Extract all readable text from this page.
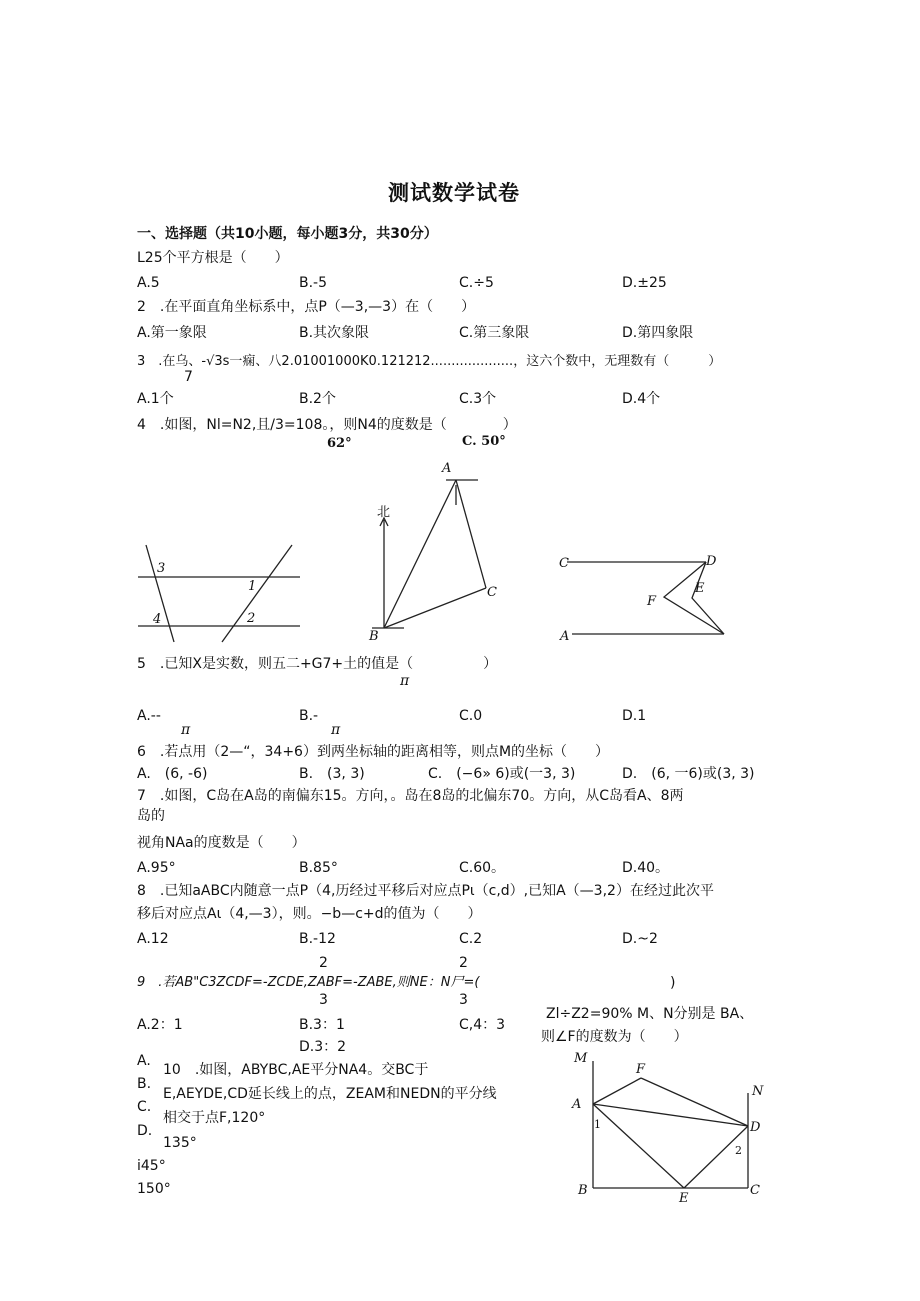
测试数学试卷
一、选择题（共10小题，每小题3分，共30分）
L25个平方根是（　　）
A.5	B.-5	C.÷5	D.±25
2　.在平面直角坐标系中，点P（—3,—3）在（　　）
A.第一象限	B.其次象限	C.第三象限	D.第四象限
3　.在乌、-√3s一痫、八2.01001000K0.121212....................，这六个数中，无理数有（　　　）
7
A.1个	B.2个	C.3个	D.4个
4　.如图，Nl=N2,且/3=108。，则N4的度数是（　　　　）
62°	C. 50°
3
1
4	2
北
A
B
C
C	D
E
F
A
5　.已知X是实数，则五二+G7+土的值是（　　　　　）
π
A.--
π
B.-
π
C.0	D.1
6　.若点用（2—“，34+6）到两坐标轴的距离相等，则点M的坐标（　　）
A.　(6, -6)	B.　(3, 3)	C.　(−6» 6)或(一3, 3)	D.　(6, 一6)或(3, 3)
7　.如图，C岛在A岛的南偏东15。方向，。岛在8岛的北偏东70。方向，从C岛看A、8两
岛的
视角NAa的度数是（　　）
A.95°	B.85°	C.60。	D.40。
8　.已知aABC内随意一点P（4,历经过平移后对应点Pι（c,d）,已知A（—3,2）在经过此次平
移后对应点Aι（4,—3），则。−b—c+d的值为（　　）
A.12	B.-12	C.2	D.~2
2	2
9　.若AB"C3ZCDF=-ZCDE,ZABF=-ZABE,则NE：N尸=(	)
3	3
A.2：1	B.3：1	C,4：3
D.3：2
Zl÷Z2=90% M、N分别是 BA、
则∠F的度数为（　　）
A.
B.
C.
D.
10　.如图，ABYBC,AE平分NA4。交BC于
E,AEYDE,CD延长线上的点，ZEAM和NEDN的平分线
相交于点F,120°
135°
i45°
150°
M
N
F
A
D
1
2
B
E
C
